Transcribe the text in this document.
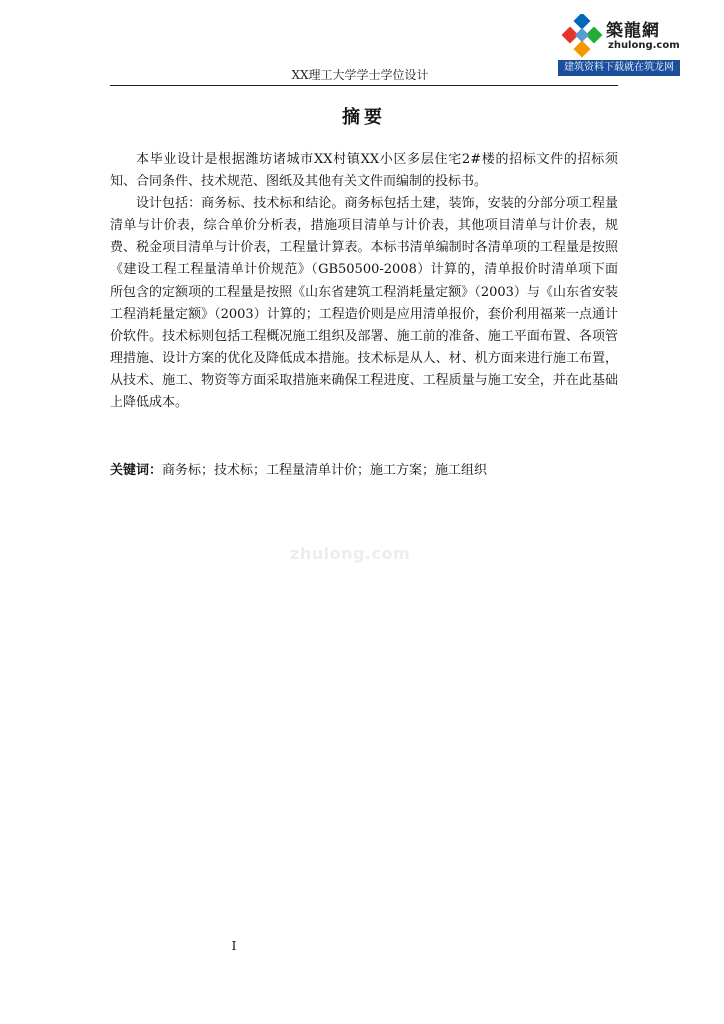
築龍網
zhulong.com
建筑资料下载就在筑龙网
XX理工大学学士学位设计
摘要

本毕业设计是根据潍坊诸城市XX村镇XX小区多层住宅2#楼的招标文件的招标须知、合同条件、技术规范、图纸及其他有关文件而编制的投标书。

设计包括：商务标、技术标和结论。商务标包括土建，装饰，安装的分部分项工程量清单与计价表，综合单价分析表，措施项目清单与计价表，其他项目清单与计价表，规费、税金项目清单与计价表，工程量计算表。本标书清单编制时各清单项的工程量是按照《建设工程工程量清单计价规范》（GB50500-2008）计算的，清单报价时清单项下面所包含的定额项的工程量是按照《山东省建筑工程消耗量定额》（2003）与《山东省安装工程消耗量定额》（2003）计算的；工程造价则是应用清单报价，套价利用福莱一点通计价软件。技术标则包括工程概况施工组织及部署、施工前的准备、施工平面布置、各项管理措施、设计方案的优化及降低成本措施。技术标是从人、材、机方面来进行施工布置，从技术、施工、物资等方面采取措施来确保工程进度、工程质量与施工安全，并在此基础上降低成本。

关键词：商务标；技术标；工程量清单计价；施工方案；施工组织
zhulong.com
I
